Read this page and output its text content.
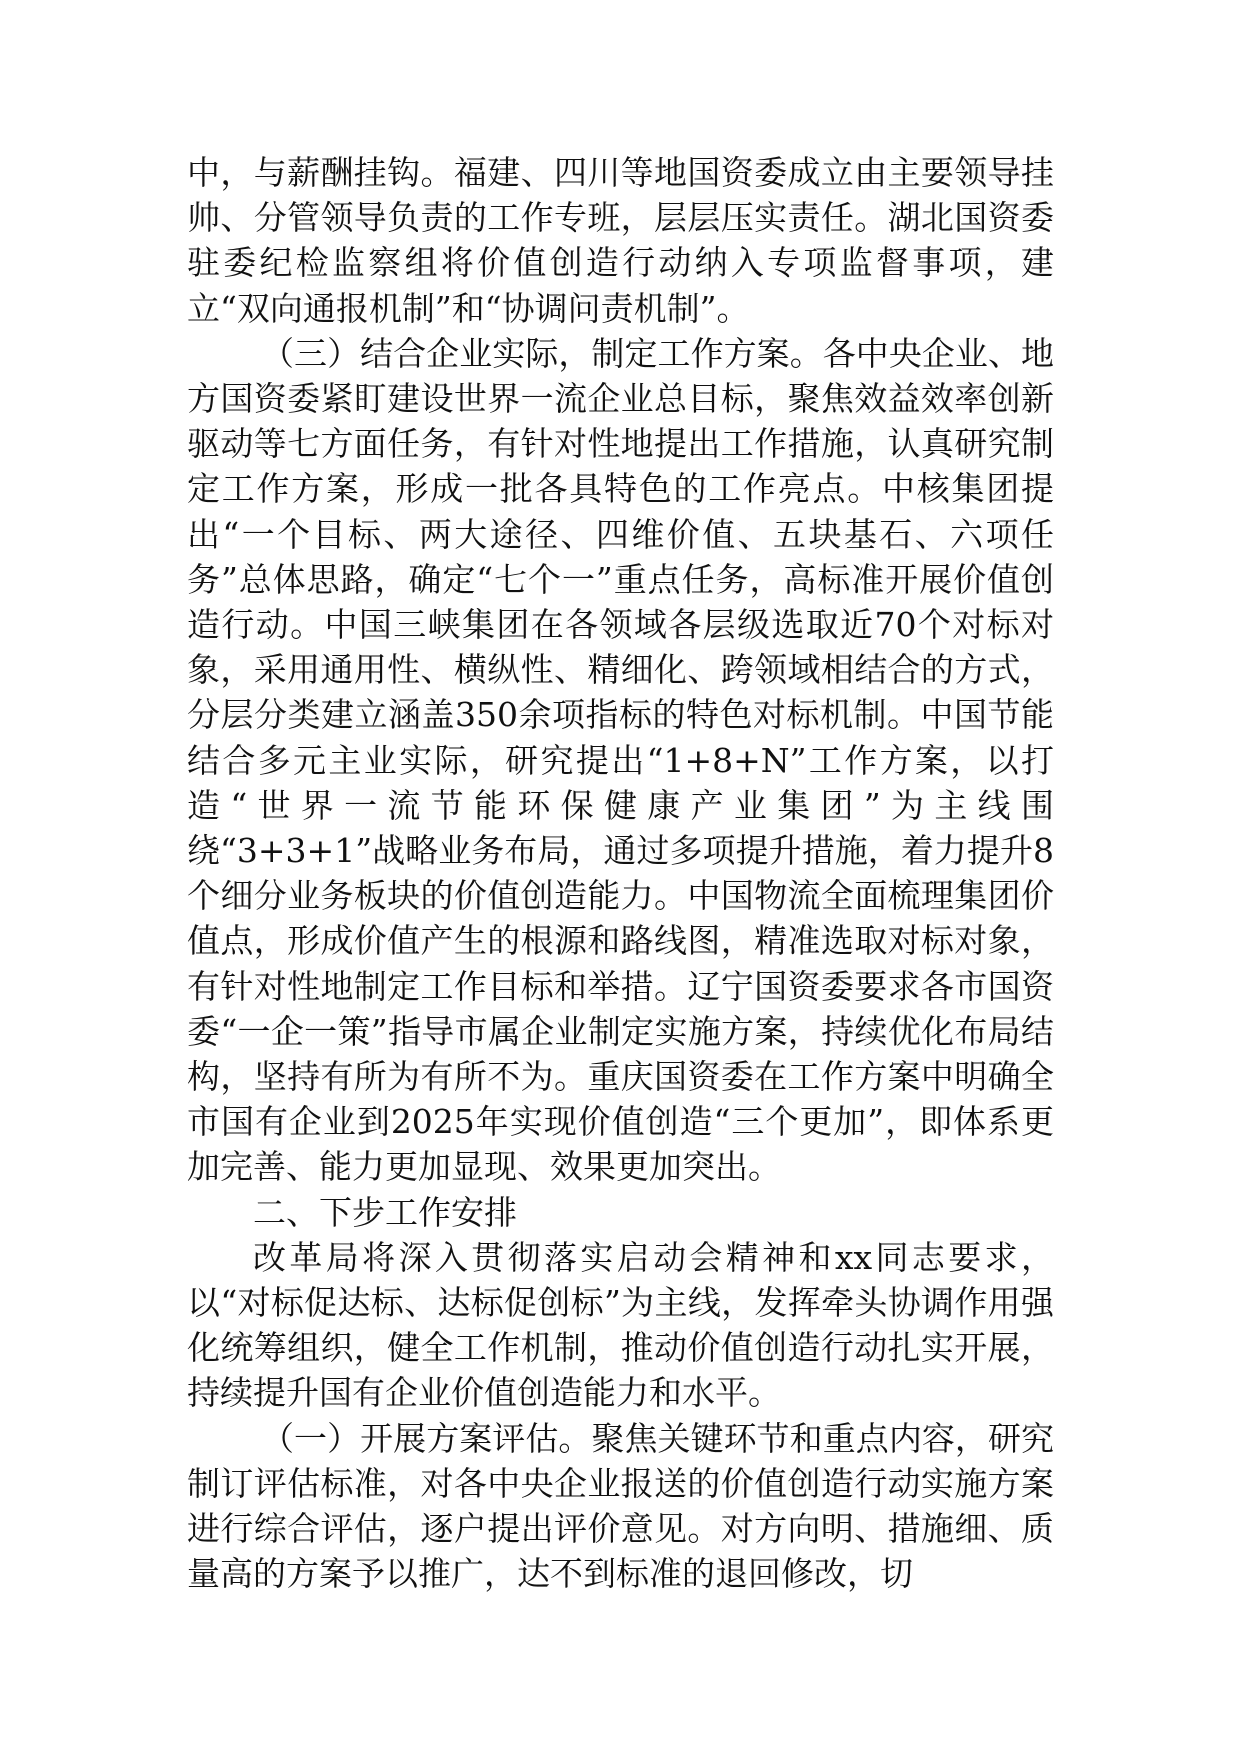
中，与薪酬挂钩。福建、四川等地国资委成立由主要领导挂帅、分管领导负责的工作专班，层层压实责任。湖北国资委驻委纪检监察组将价值创造行动纳入专项监督事项，建立“双向通报机制”和“协调问责机制”。

（三）结合企业实际，制定工作方案。各中央企业、地方国资委紧盯建设世界一流企业总目标，聚焦效益效率创新驱动等七方面任务，有针对性地提出工作措施，认真研究制定工作方案，形成一批各具特色的工作亮点。中核集团提出“一个目标、两大途径、四维价值、五块基石、六项任务”总体思路，确定“七个一”重点任务，高标准开展价值创造行动。中国三峡集团在各领域各层级选取近70个对标对象，采用通用性、横纵性、精细化、跨领域相结合的方式，分层分类建立涵盖350余项指标的特色对标机制。中国节能结合多元主业实际，研究提出“1+8+N”工作方案，以打造“世界一流节能环保健康产业集团”为主线围绕“3+3+1”战略业务布局，通过多项提升措施，着力提升8个细分业务板块的价值创造能力。中国物流全面梳理集团价值点，形成价值产生的根源和路线图，精准选取对标对象，有针对性地制定工作目标和举措。辽宁国资委要求各市国资委“一企一策”指导市属企业制定实施方案，持续优化布局结构，坚持有所为有所不为。重庆国资委在工作方案中明确全市国有企业到2025年实现价值创造“三个更加”，即体系更加完善、能力更加显现、效果更加突出。

二、下步工作安排

改革局将深入贯彻落实启动会精神和xx同志要求，以“对标促达标、达标促创标”为主线，发挥牵头协调作用强化统筹组织，健全工作机制，推动价值创造行动扎实开展，持续提升国有企业价值创造能力和水平。

（一）开展方案评估。聚焦关键环节和重点内容，研究制订评估标准，对各中央企业报送的价值创造行动实施方案进行综合评估，逐户提出评价意见。对方向明、措施细、质量高的方案予以推广，达不到标准的退回修改，切
